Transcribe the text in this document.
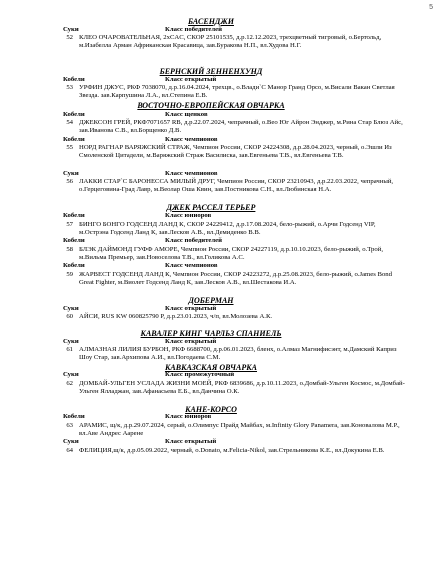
5
БАСЕНДЖИ
Суки	Класс победителей
52 КЛЕО ОЧАРОВАТЕЛЬНАЯ, 2хCAC, СКОР 25101535, д.р.12.12.2023, трехцветный тигровый, о.Бертольд, м.Изабелла Арман Африканская Красавица, зав.Буракова Н.П., вл.Худова Н.Г.
БЕРНСКИЙ ЗЕННЕНХУНД
Кобели	Класс открытый
53 УРФИН ДЖУС, РКФ 7038070, д.р.16.04.2024, трехцв., о.Влади`С Манор Гранд Орсо, м.Висали Вакан Светлая Звезда. зав.Карпушина Л.А., вл.Степина Е.В.
ВОСТОЧНО-ЕВРОПЕЙСКАЯ ОВЧАРКА
Кобели	Класс щенков
54 ДЖЕКСОН ГРЕЙ, РКФ7071657 RB, д.р.22.07.2024, чепрачный, о.Вео Юг Айрон Энджер, м.Рина Стар Блюз Айс, зав.Иванова С.В., вл.Борщенко Д.В.
Кобели	Класс чемпионов
55 НОРД РАГНАР ВАРЯЖСКИЙ СТРАЖ, Чемпион России, СКОР 24224308, д.р.28.04.2023, черный, о.Эшли Из Смоленской Цитадели, м.Варяжский Страж Василиска, зав.Евгеньева Т.В., вл.Евгеньева Т.В.
Суки	Класс чемпионов
56 ЛАККИ СТАР`С БАРОНЕССА МИЛЫЙ ДРУГ, Чемпион России, СКОР 23210943, д.р.22.03.2022, чепрачный, о.Герцеговина-Град Лавр, м.Веолар Оша Квин, зав.Постникова С.Н., вл.Любинская Н.А.
ДЖЕК РАССЕЛ ТЕРЬЕР
Кобели	Класс юниоров
57 БИНГО БОНГО ГОДСЕНД ЛАНД К, СКОР 24229412, д.р.17.08.2024, белo-рыжий, о.Арчи Годсенд VIP, м.Острэна Годсенд Ланд К, зав.Лесков А.В., вл.Демиденко В.В.
Кобели	Класс победителей
58 БЛЭК ДАЙМОНД ГУФФ АМОРЕ, Чемпион России, СКОР 24227119, д.р.10.10.2023, белo-рыжий, о.Трой, м.Вильма Премьер, зав.Новоселова Т.В., вл.Голикова А.С.
Кобели	Класс чемпионов
59 ЖАРВЕСТ ГОДСЕНД ЛАНД К, Чемпион России, СКОР 24223272, д.р.25.08.2023, белo-рыжий, о.James Bond Great Fighter, м.Виолет Годсенд Ланд К, зав.Лесков А.В., вл.Шестакова И.А.
ДОБЕРМАН
Суки	Класс открытый
60 АЙСИ, RUS KW 060825790 Р, д.р.23.01.2023, ч/п, вл.Молозева А.К.
КАВАЛЕР КИНГ ЧАРЛЬЗ СПАНИЕЛЬ
Суки	Класс открытый
61 АЛМАЗНАЯ ЛИЛИЯ БУРБОН, РКФ 6688700, д.р.06.01.2023, бленх, о.Алмаз Магнифисэнт, м.Дамский Каприз Шоу Стар, зав.Архипова А.И., вл.Погодаева С.М.
КАВКАЗСКАЯ ОВЧАРКА
Суки	Класс промежуточный
62 ДОМБАЙ-УЛЬГЕН УСЛАДА ЖИЗНИ МОЕЙ, РКФ 6839686, д.р.10.11.2023, о.Домбай-Ульген Космос, м.Домбай-Ульген Ялладжан, зав.Афанасьева Е.Б., вл.Данчина О.К.
КАНЕ-КОРСО
Кобели	Класс юниоров
63 АРАМИС, щ/к, д.р.29.07.2024, серый, о.Олимпус Прайд Майбах, м.Infinity Glory Panamera, зав.Коновалова М.Р., вл.Аве Андрес Аарене
Суки	Класс открытый
64 ФЕЛИЦИЯ,щ/к, д.р.05.09.2022, черный, о.Donato, м.Felicia-Nikol, зав.Стрельникова К.Е., вл.Докукина Е.В.
